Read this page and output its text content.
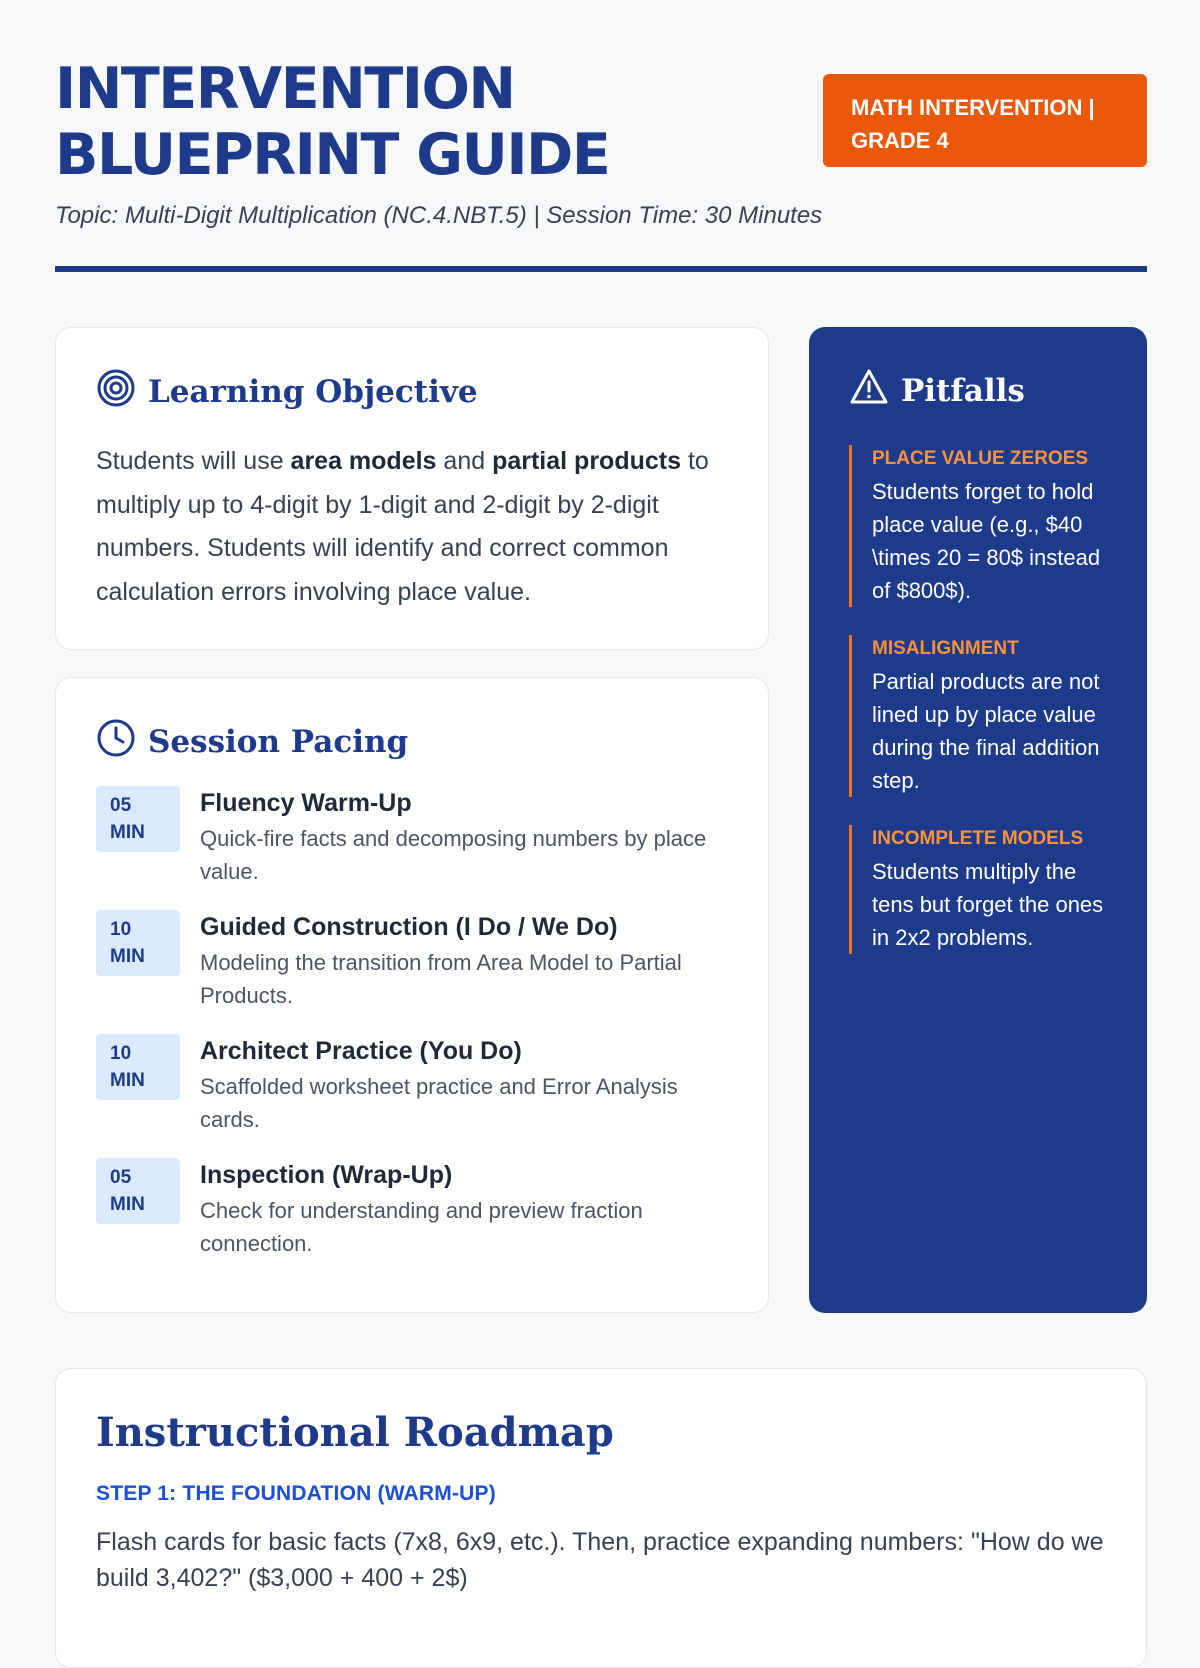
INTERVENTION
BLUEPRINT GUIDE
MATH INTERVENTION |
GRADE 4

Topic: Multi-Digit Multiplication (NC.4.NBT.5) | Session Time: 30 Minutes

Learning Objective
Students will use area models and partial products to multiply up to 4-digit by 1-digit and 2-digit by 2-digit numbers. Students will identify and correct common calculation errors involving place value.
Session Pacing
05
MIN
Fluency Warm-Up
Quick-fire facts and decomposing numbers by place value.
10
MIN
Guided Construction (I Do / We Do)
Modeling the transition from Area Model to Partial Products.
10
MIN
Architect Practice (You Do)
Scaffolded worksheet practice and Error Analysis cards.
05
MIN
Inspection (Wrap-Up)
Check for understanding and preview fraction connection.
Pitfalls
PLACE VALUE ZEROES
Students forget to hold place value (e.g., $40 \times 20 = 80$ instead of $800$).
MISALIGNMENT
Partial products are not lined up by place value during the final addition step.
INCOMPLETE MODELS
Students multiply the tens but forget the ones in 2x2 problems.
Instructional Roadmap
STEP 1: THE FOUNDATION (WARM-UP)
Flash cards for basic facts (7x8, 6x9, etc.). Then, practice expanding numbers: "How do we build 3,402?" ($3,000 + 400 + 2$)
